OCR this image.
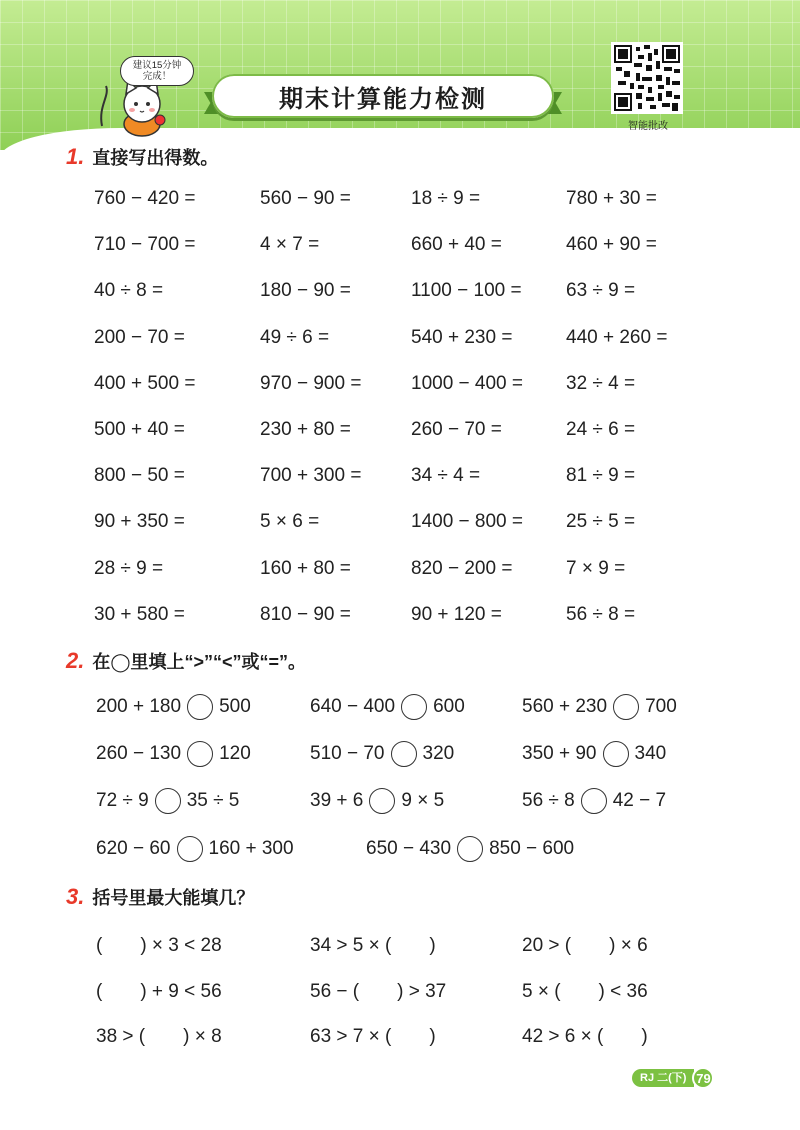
期末计算能力检测
建议15分钟
完成！
智能批改
1. 直接写出得数。
760 − 420 =	560 − 90 =	18 ÷ 9 =	780 + 30 =
710 − 700 =	4 × 7 =	660 + 40 =	460 + 90 =
40 ÷ 8 =	180 − 90 =	1100 − 100 = 63 ÷ 9 =
200 − 70 =	49 ÷ 6 =	540 + 230 =	440 + 260 =
400 + 500 =	970 − 900 =	1000 − 400 = 32 ÷ 4 =
500 + 40 =	230 + 80 =	260 − 70 =	24 ÷ 6 =
800 − 50 =	700 + 300 =	34 ÷ 4 =	81 ÷ 9 =
90 + 350 =	5 × 6 =	1400 − 800 = 25 ÷ 5 =
28 ÷ 9 =	160 + 80 =	820 − 200 =	7 × 9 =
30 + 580 =	810 − 90 =	90 + 120 =	56 ÷ 8 =
2. 在◯里填上“>”“<”或“=”。
200 + 180 500	640 − 400 600	560 + 230 700
260 − 130 120	510 − 70 320	350 + 90 340
72 ÷ 9 35 ÷ 5	39 + 6 9 × 5	56 ÷ 8 42 − 7
620 − 60 160 + 300	650 − 430 850 − 600
3. 括号里最大能填几？
(　　) × 3 < 28	34 > 5 × (　　)	20 > (　　) × 6
(　　) + 9 < 56	56 − (　　) > 37	5 × (　　) < 36
38 > (　　) × 8	63 > 7 × (　　)	42 > 6 × (　　)
RJ 二(下) 79
